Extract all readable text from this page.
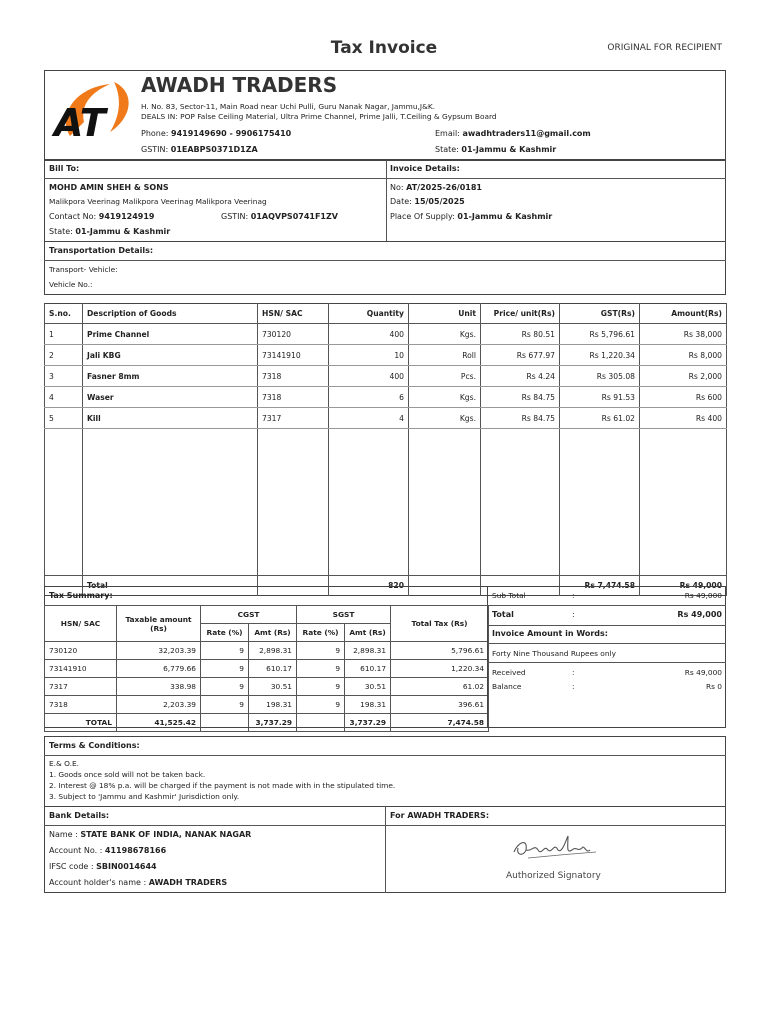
Tax Invoice	ORIGINAL FOR RECIPIENT
AT
AWADH TRADERS
H. No. 83, Sector-11, Main Road near Uchi Pulli, Guru Nanak Nagar, Jammu,J&K.
DEALS IN: POP False Ceiling Material, Ultra Prime Channel, Prime Jalli, T.Ceiling & Gypsum Board
Phone: 9419149690 - 9906175410
GSTIN: 01EABPS0371D1ZA
Email: awadhtraders11@gmail.com
State: 01-Jammu & Kashmir
Bill To:
MOHD AMIN SHEH & SONS
Malikpora Veerinag Malikpora Veerinag Malikpora Veerinag
Contact No: 9419124919	GSTIN: 01AQVPS0741F1ZV
State: 01-Jammu & Kashmir
Invoice Details:
No: AT/2025-26/0181
Date: 15/05/2025
Place Of Supply: 01-Jammu & Kashmir
Transportation Details:
Transport- Vehicle:
Vehicle No.:
S.no.	Description of Goods	HSN/ SAC	Quantity	Unit	Price/ unit(Rs)	GST(Rs)	Amount(Rs)
1	Prime Channel	730120	400	Kgs.	Rs 80.51	Rs 5,796.61	Rs 38,000
2	Jali KBG	73141910	10	Roll	Rs 677.97	Rs 1,220.34	Rs 8,000
3	Fasner 8mm	7318	400	Pcs.	Rs 4.24	Rs 305.08	Rs 2,000
4	Waser	7318	6	Kgs.	Rs 84.75	Rs 91.53	Rs 600
5	Kill	7317	4	Kgs.	Rs 84.75	Rs 61.02	Rs 400

	Total		820			Rs 7,474.58	Rs 49,000
Tax Summary:
HSN/ SAC	Taxable amount (Rs)	CGST		SGST		Total Tax (Rs)
		Rate (%)	Amt (Rs)	Rate (%)	Amt (Rs)	
730120	32,203.39	9	2,898.31	9	2,898.31	5,796.61
73141910	6,779.66	9	610.17	9	610.17	1,220.34
7317	338.98	9	30.51	9	30.51	61.02
7318	2,203.39	9	198.31	9	198.31	396.61
TOTAL	41,525.42		3,737.29		3,737.29	7,474.58
Sub Total	:	Rs 49,000
Total	:	Rs 49,000
Invoice Amount in Words:
Forty Nine Thousand Rupees only
Received	:	Rs 49,000
Balance	:	Rs 0
Terms & Conditions:
E.& O.E.
1. Goods once sold will not be taken back.
2. Interest @ 18% p.a. will be charged if the payment is not made with in the stipulated time.
3. Subject to 'Jammu and Kashmir' Jurisdiction only.
Bank Details:
Name : STATE BANK OF INDIA, NANAK NAGAR
Account No. : 41198678166
IFSC code : SBIN0014644
Account holder's name : AWADH TRADERS
For AWADH TRADERS:
Authorized Signatory
